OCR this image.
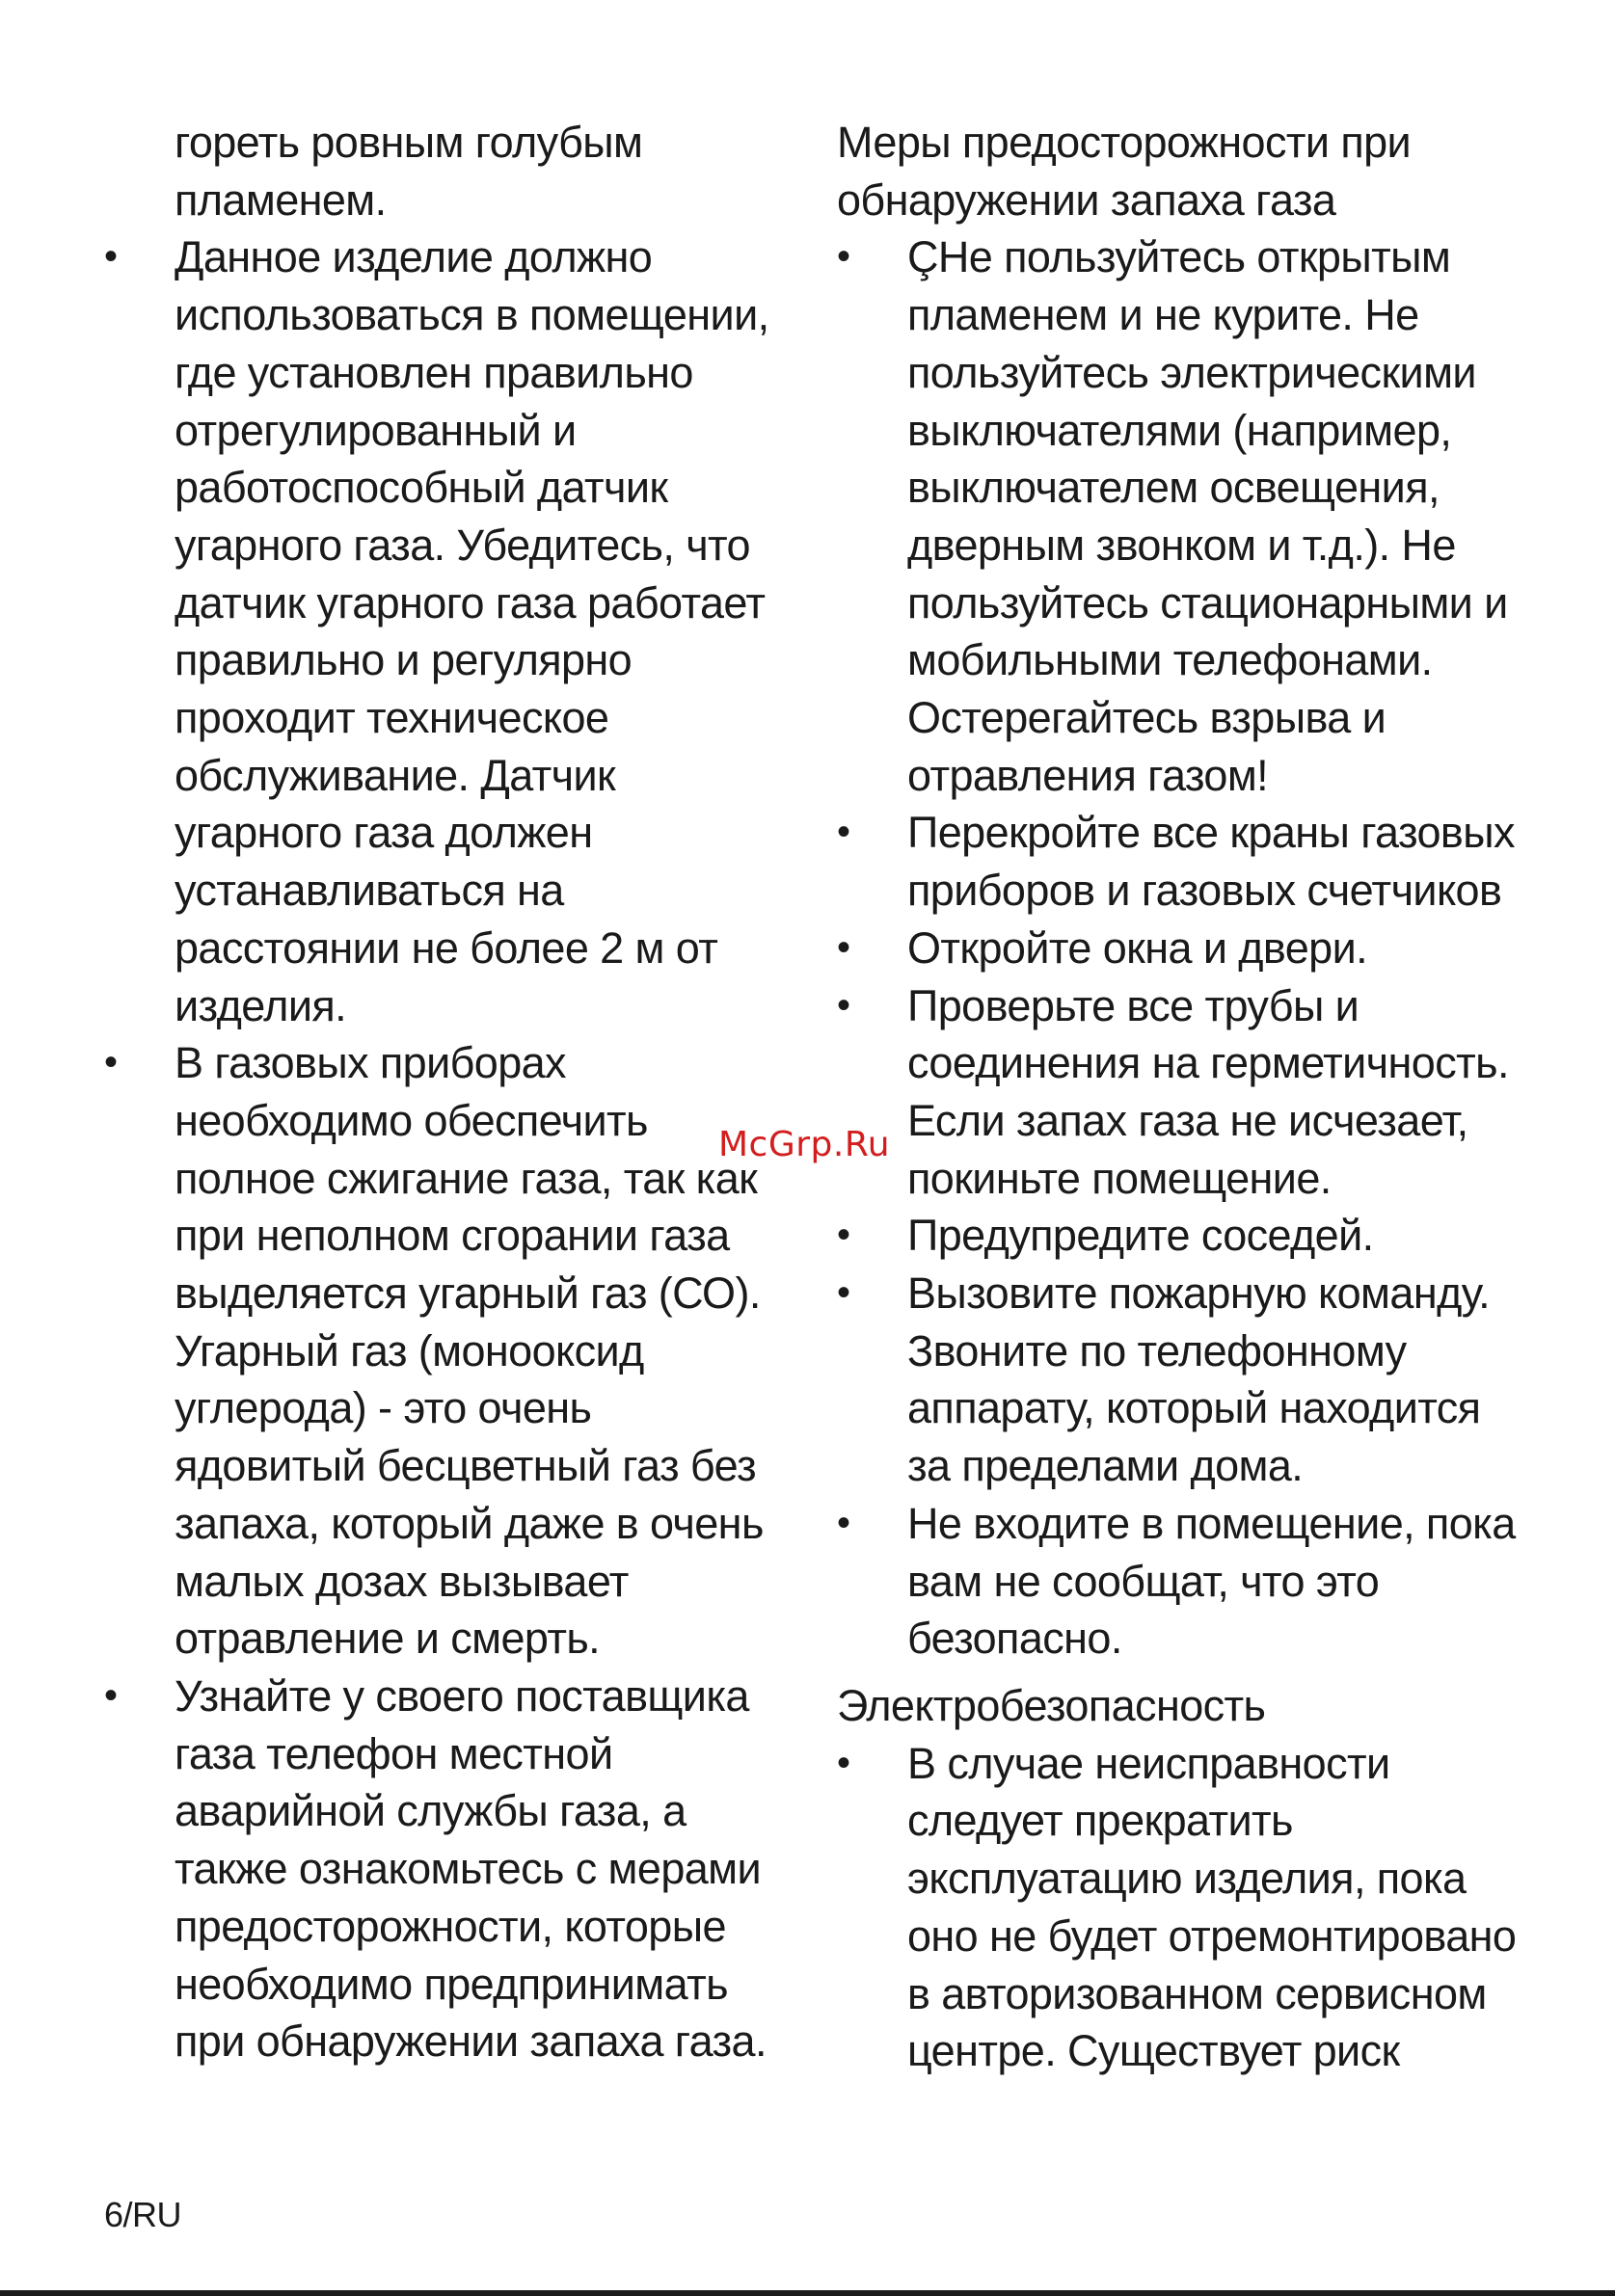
гореть ровным голубым
пламенем.
• Данное изделие должно
использоваться в помещении,
где установлен правильно
отрегулированный и
работоспособный датчик
угарного газа. Убедитесь, что
датчик угарного газа работает
правильно и регулярно
проходит техническое
обслуживание. Датчик
угарного газа должен
устанавливаться на
расстоянии не более 2 м от
изделия.
• В газовых приборах
необходимо обеспечить
полное сжигание газа, так как
при неполном сгорании газа
выделяется угарный газ (СО).
Угарный газ (монооксид
углерода) - это очень
ядовитый бесцветный газ без
запаха, который даже в очень
малых дозах вызывает
отравление и смерть.
• Узнайте у своего поставщика
газа телефон местной
аварийной службы газа, а
также ознакомьтесь с мерами
предосторожности, которые
необходимо предпринимать
при обнаружении запаха газа.
Меры предосторожности при
обнаружении запаха газа
• ÇНе пользуйтесь открытым
пламенем и не курите. Не
пользуйтесь электрическими
выключателями (например,
выключателем освещения,
дверным звонком и т.д.). Не
пользуйтесь стационарными и
мобильными телефонами.
Остерегайтесь взрыва и
отравления газом!
• Перекройте все краны газовых
приборов и газовых счетчиков
• Откройте окна и двери.
• Проверьте все трубы и
соединения на герметичность.
Если запах газа не исчезает,
покиньте помещение.
• Предупредите соседей.
• Вызовите пожарную команду.
Звоните по телефонному
аппарату, который находится
за пределами дома.
• Не входите в помещение, пока
вам не сообщат, что это
безопасно.
Электробезопасность
• В случае неисправности
следует прекратить
эксплуатацию изделия, пока
оно не будет отремонтировано
в авторизованном сервисном
центре. Существует риск
McGrp.Ru
6/RU
